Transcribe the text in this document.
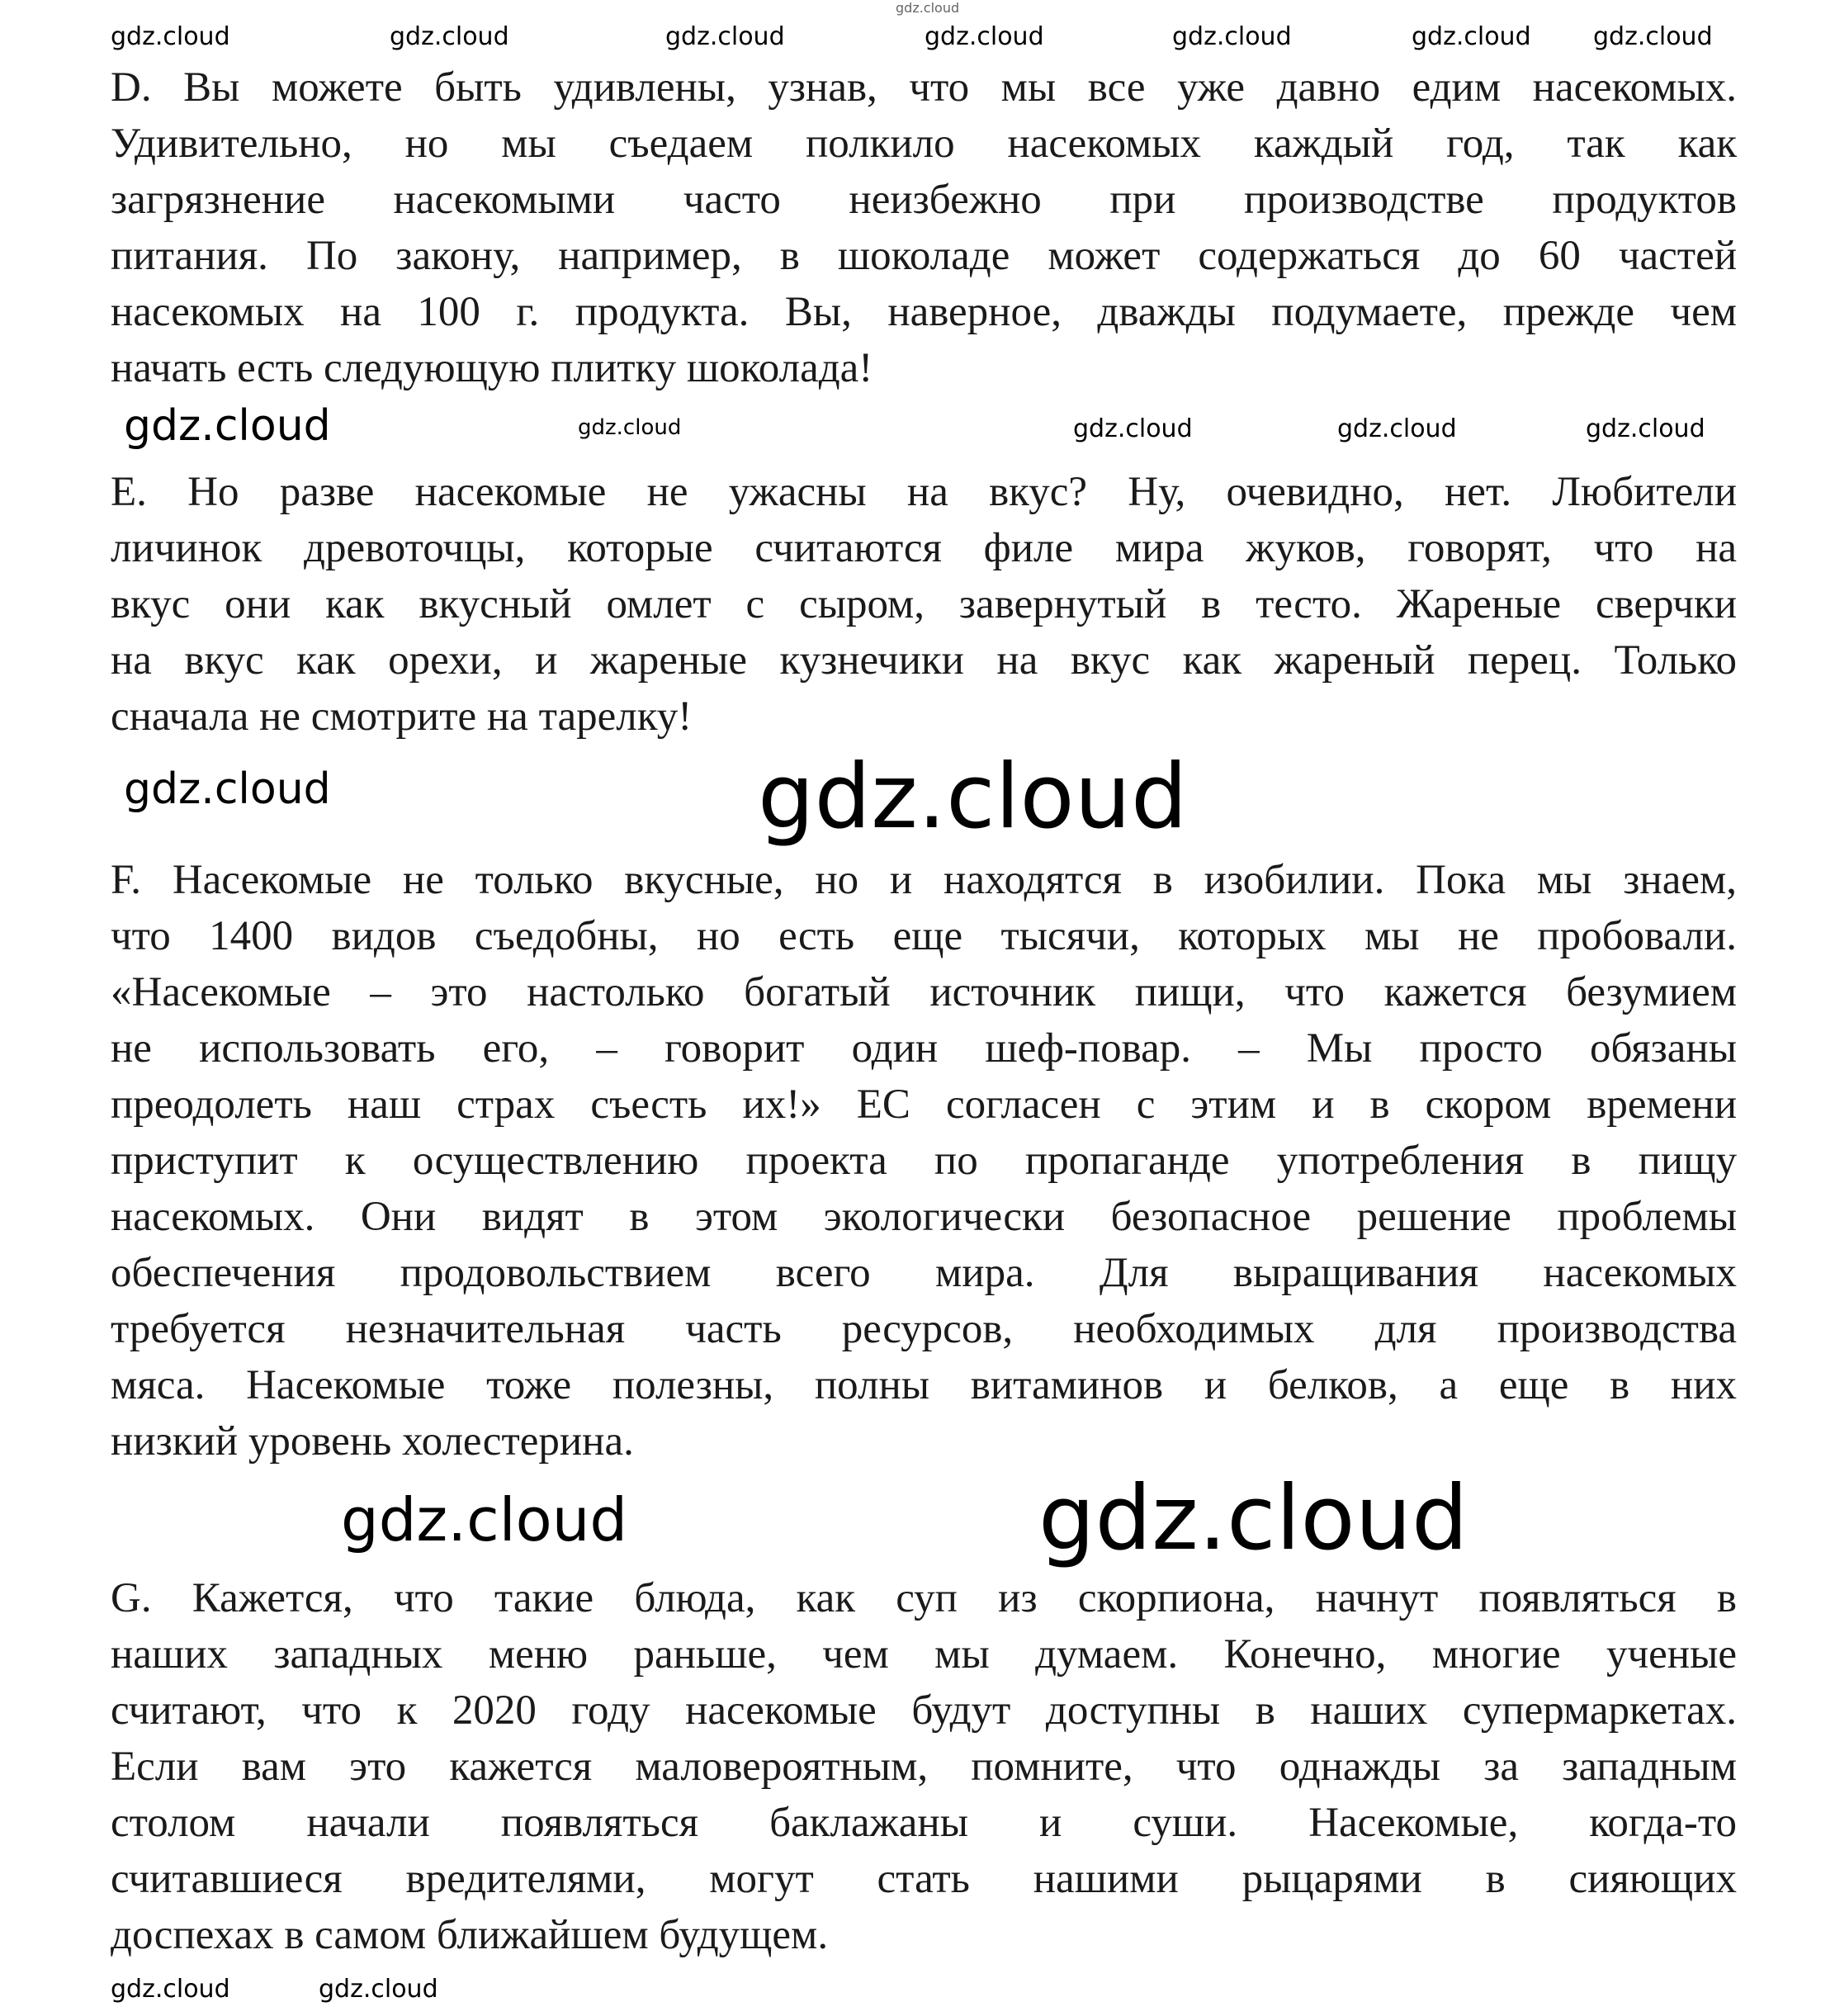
D. Вы можете быть удивлены, узнав, что мы все уже давно едим насекомых.
Удивительно, но мы съедаем полкило насекомых каждый год, так как
загрязнение насекомыми часто неизбежно при производстве продуктов
питания. По закону, например, в шоколаде может содержаться до 60 частей
насекомых на 100 г. продукта. Вы, наверное, дважды подумаете, прежде чем
начать есть следующую плитку шоколада!
E. Но разве насекомые не ужасны на вкус? Ну, очевидно, нет. Любители
личинок древоточцы, которые считаются филе мира жуков, говорят, что на
вкус они как вкусный омлет с сыром, завернутый в тесто. Жареные сверчки
на вкус как орехи, и жареные кузнечики на вкус как жареный перец. Только
сначала не смотрите на тарелку!
F. Насекомые не только вкусные, но и находятся в изобилии. Пока мы знаем,
что 1400 видов съедобны, но есть еще тысячи, которых мы не пробовали.
«Насекомые – это настолько богатый источник пищи, что кажется безумием
не использовать его, – говорит один шеф-повар. – Мы просто обязаны
преодолеть наш страх съесть их!» ЕС согласен с этим и в скором времени
приступит к осуществлению проекта по пропаганде употребления в пищу
насекомых. Они видят в этом экологически безопасное решение проблемы
обеспечения продовольствием всего мира. Для выращивания насекомых
требуется незначительная часть ресурсов, необходимых для производства
мяса. Насекомые тоже полезны, полны витаминов и белков, а еще в них
низкий уровень холестерина.
G. Кажется, что такие блюда, как суп из скорпиона, начнут появляться в
наших западных меню раньше, чем мы думаем. Конечно, многие ученые
считают, что к 2020 году насекомые будут доступны в наших супермаркетах.
Если вам это кажется маловероятным, помните, что однажды за западным
столом начали появляться баклажаны и суши. Насекомые, когда-то
считавшиеся вредителями, могут стать нашими рыцарями в сияющих
доспехах в самом ближайшем будущем.
gdz.cloud
gdz.cloud
gdz.cloud	gdz.cloud	gdz.cloud	gdz.cloud	gdz.cloud	gdz.cloud
gdz.cloud	gdz.cloud
gdz.cloud
gdz.cloud	gdz.cloud
gdz.cloud
gdz.cloud
gdz.cloud
gdz.cloud
gdz.cloud	gdz.cloud
